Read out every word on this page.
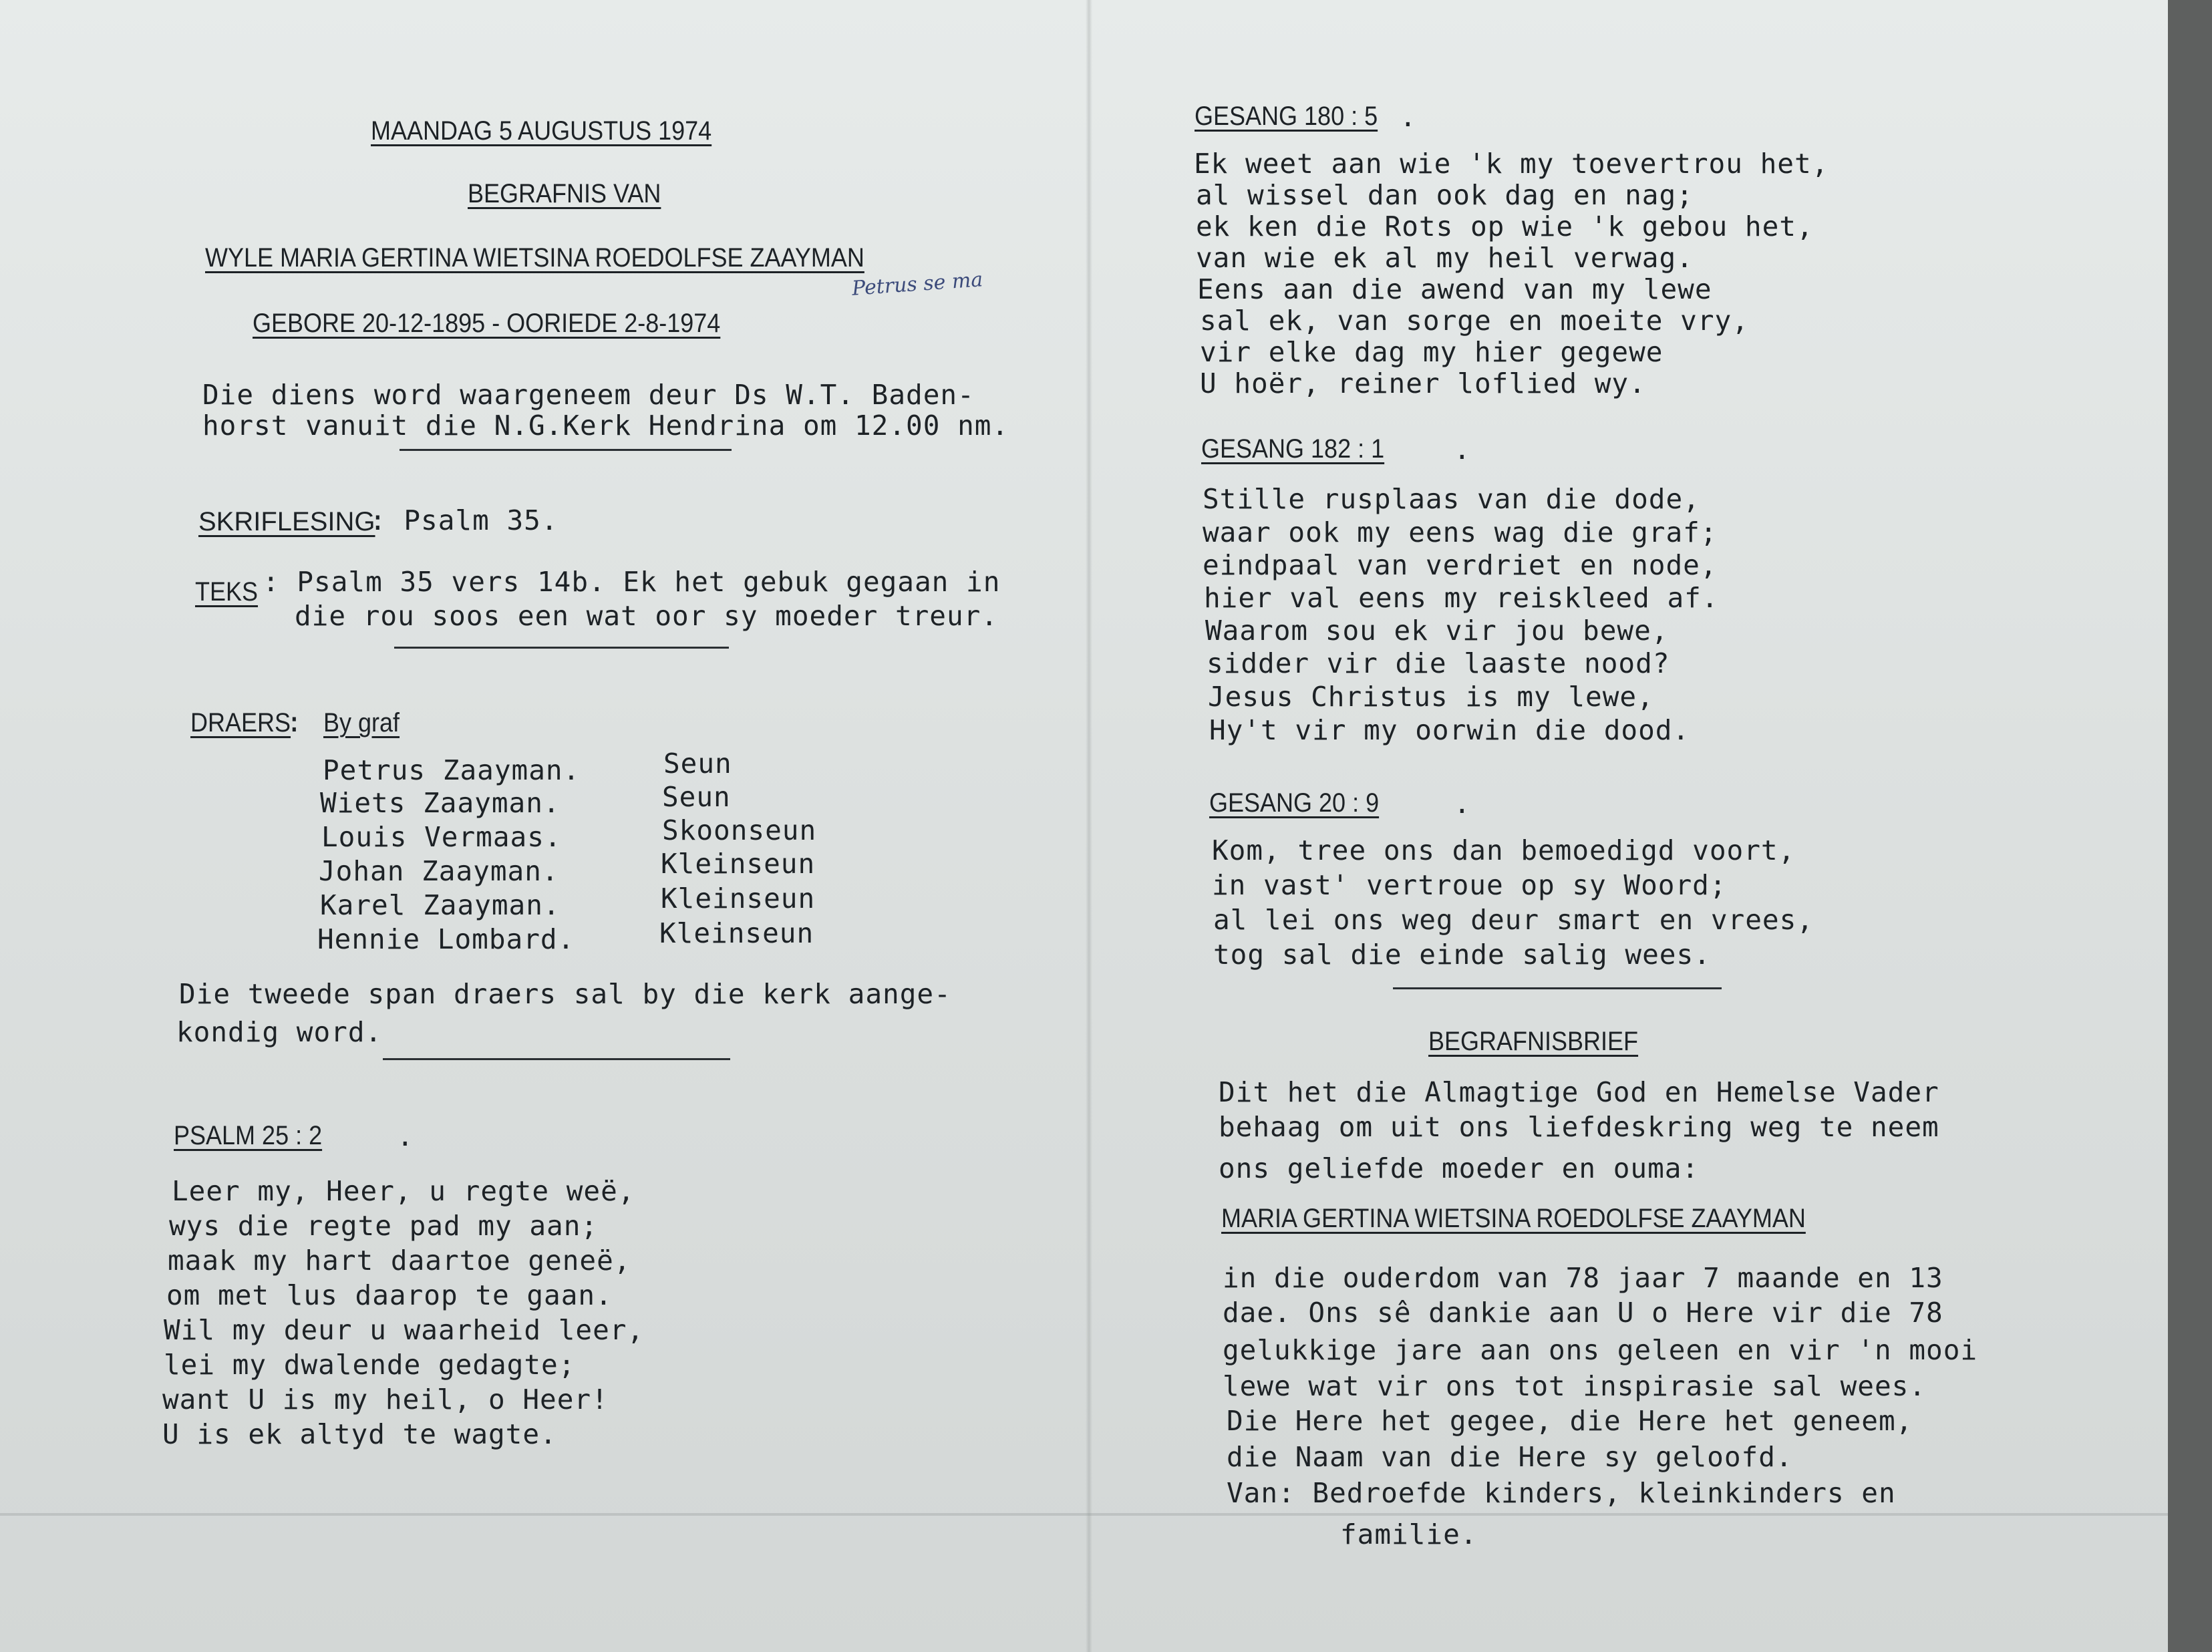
MAANDAG 5 AUGUSTUS 1974
BEGRAFNIS VAN
WYLE MARIA GERTINA WIETSINA ROEDOLFSE ZAAYMAN
Petrus se ma
GEBORE 20-12-1895 - OORIEDE 2-8-1974
Die diens word waargeneem deur Ds W.T. Baden-
horst vanuit die N.G.Kerk Hendrina om 12.00 nm.
SKRIFLESING
: Psalm 35.
TEKS : Psalm 35 vers 14b. Ek het gebuk gegaan in
die rou soos een wat oor sy moeder treur.
DRAERS
: By graf
Petrus Zaayman.	Seun
Wiets Zaayman.	Seun
Louis Vermaas.	Skoonseun
Johan Zaayman.	Kleinseun
Karel Zaayman.	Kleinseun
Hennie Lombard.	Kleinseun
Die tweede span draers sal by die kerk aange-
kondig word.
PSALM 25 : 2	.
Leer my, Heer, u regte weë,
wys die regte pad my aan;
maak my hart daartoe geneë,
om met lus daarop te gaan.
Wil my deur u waarheid leer,
lei my dwalende gedagte;
want U is my heil, o Heer!
U is ek altyd te wagte.
GESANG 180 : 5 .
Ek weet aan wie 'k my toevertrou het,
al wissel dan ook dag en nag;
ek ken die Rots op wie 'k gebou het,
van wie ek al my heil verwag.
Eens aan die awend van my lewe
sal ek, van sorge en moeite vry,
vir elke dag my hier gegewe
U hoër, reiner loflied wy.
GESANG 182 : 1	.
Stille rusplaas van die dode,
waar ook my eens wag die graf;
eindpaal van verdriet en node,
hier val eens my reiskleed af.
Waarom sou ek vir jou bewe,
sidder vir die laaste nood?
Jesus Christus is my lewe,
Hy't vir my oorwin die dood.
GESANG 20 : 9	.
Kom, tree ons dan bemoedigd voort,
in vast' vertroue op sy Woord;
al lei ons weg deur smart en vrees,
tog sal die einde salig wees.
BEGRAFNISBRIEF
Dit het die Almagtige God en Hemelse Vader
behaag om uit ons liefdeskring weg te neem
ons geliefde moeder en ouma:
MARIA GERTINA WIETSINA ROEDOLFSE ZAAYMAN
in die ouderdom van 78 jaar 7 maande en 13
dae. Ons sê dankie aan U o Here vir die 78
gelukkige jare aan ons geleen en vir 'n mooi
lewe wat vir ons tot inspirasie sal wees.
Die Here het gegee, die Here het geneem,
die Naam van die Here sy geloofd.
Van: Bedroefde kinders, kleinkinders en
familie.
